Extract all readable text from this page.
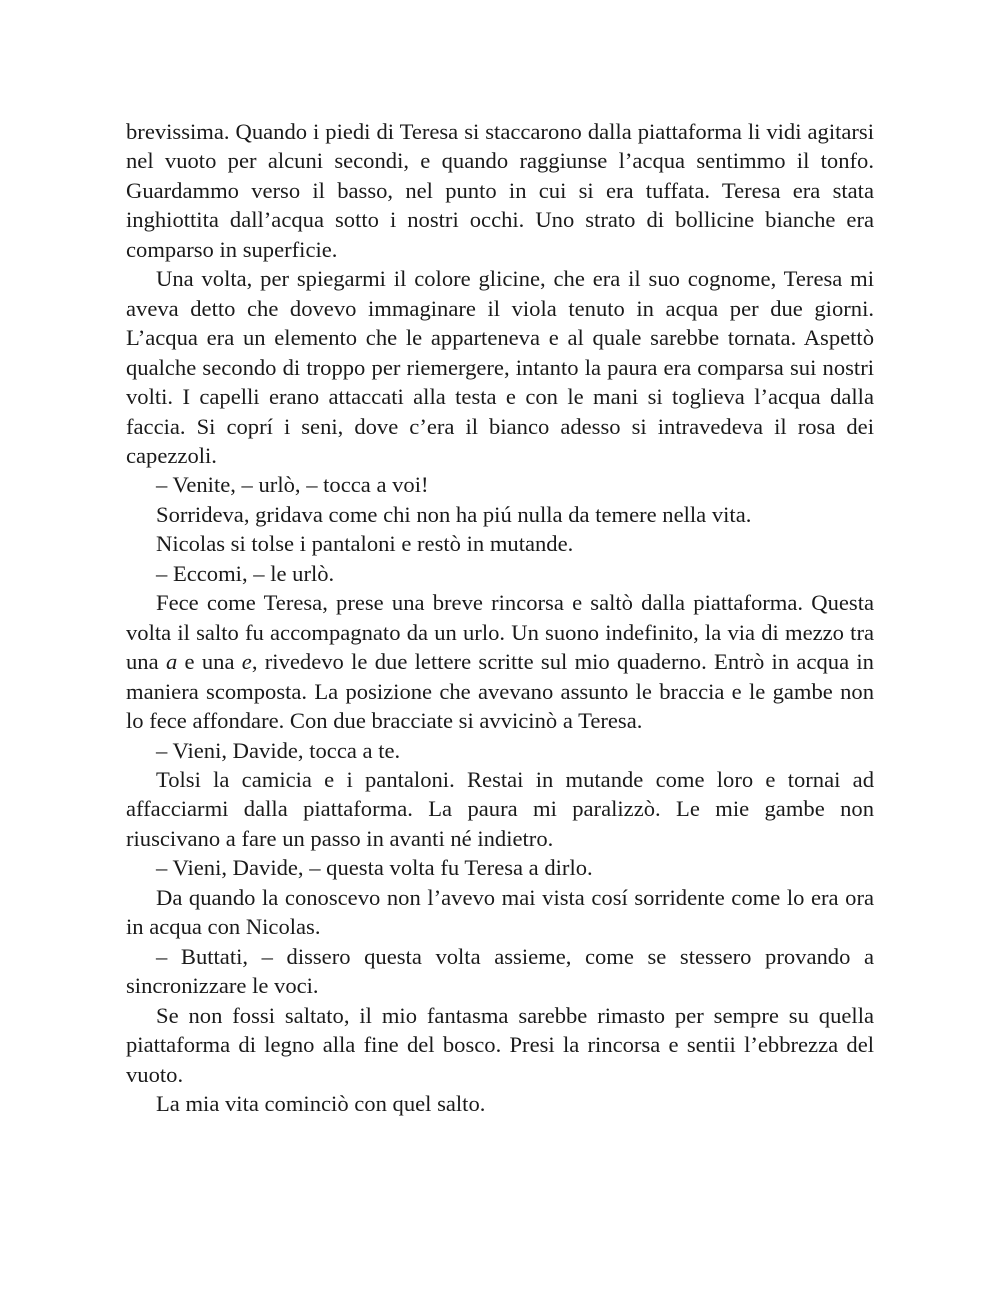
brevissima. Quando i piedi di Teresa si staccarono dalla piattaforma li vidi agitarsi nel vuoto per alcuni secondi, e quando raggiunse l’acqua sentimmo il tonfo. Guardammo verso il basso, nel punto in cui si era tuffata. Teresa era stata inghiottita dall’acqua sotto i nostri occhi. Uno strato di bollicine bianche era comparso in superficie.

Una volta, per spiegarmi il colore glicine, che era il suo cognome, Teresa mi aveva detto che dovevo immaginare il viola tenuto in acqua per due giorni. L’acqua era un elemento che le apparteneva e al quale sarebbe tornata. Aspettò qualche secondo di troppo per riemergere, intanto la paura era comparsa sui nostri volti. I capelli erano attaccati alla testa e con le mani si toglieva l’acqua dalla faccia. Si coprí i seni, dove c’era il bianco adesso si intravedeva il rosa dei capezzoli.

– Venite, – urlò, – tocca a voi!

Sorrideva, gridava come chi non ha piú nulla da temere nella vita.

Nicolas si tolse i pantaloni e restò in mutande.

– Eccomi, – le urlò.

Fece come Teresa, prese una breve rincorsa e saltò dalla piattaforma. Questa volta il salto fu accompagnato da un urlo. Un suono indefinito, la via di mezzo tra una a e una e, rivedevo le due lettere scritte sul mio quaderno. Entrò in acqua in maniera scomposta. La posizione che avevano assunto le braccia e le gambe non lo fece affondare. Con due bracciate si avvicinò a Teresa.

– Vieni, Davide, tocca a te.

Tolsi la camicia e i pantaloni. Restai in mutande come loro e tornai ad affacciarmi dalla piattaforma. La paura mi paralizzò. Le mie gambe non riuscivano a fare un passo in avanti né indietro.

– Vieni, Davide, – questa volta fu Teresa a dirlo.

Da quando la conoscevo non l’avevo mai vista cosí sorridente come lo era ora in acqua con Nicolas.

– Buttati, – dissero questa volta assieme, come se stessero provando a sincronizzare le voci.

Se non fossi saltato, il mio fantasma sarebbe rimasto per sempre su quella piattaforma di legno alla fine del bosco. Presi la rincorsa e sentii l’ebbrezza del vuoto.

La mia vita cominciò con quel salto.
